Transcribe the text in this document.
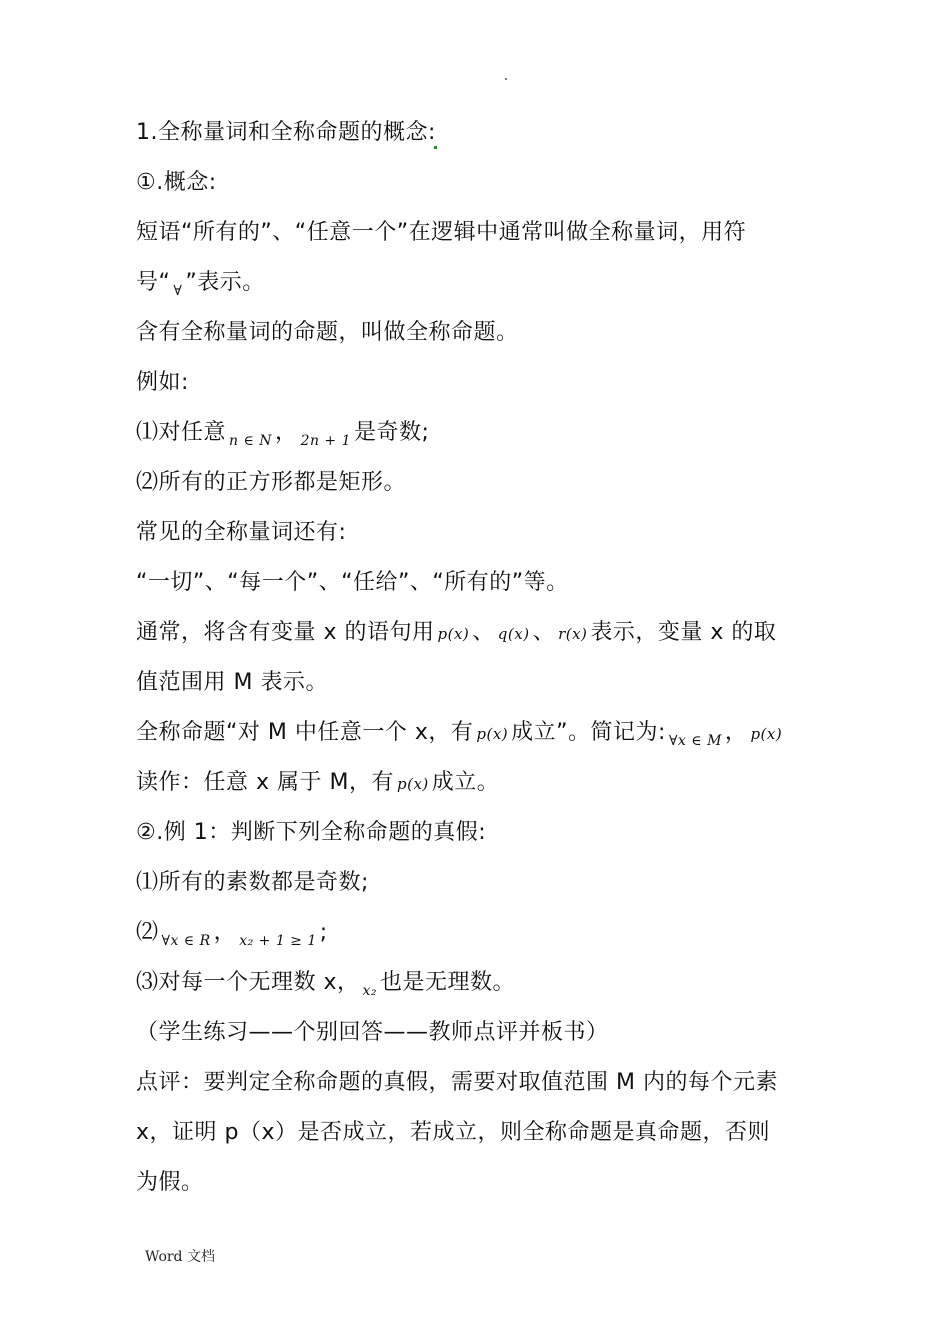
1.全称量词和全称命题的概念:
①.概念:
短语“所有的”、“任意一个”在逻辑中通常叫做全称量词，用符
号“ $_\forall$ ”表示。
含有全称量词的命题，叫做全称命题。
例如:
⑴对任意 $_{n \in N}$ ， $_{2n + 1}$ 是奇数;
⑵所有的正方形都是矩形。
常见的全称量词还有:
“一切”、“每一个”、“任给”、“所有的”等。
通常，将含有变量 x 的语句用 p(x) 、 q(x) 、 r(x) 表示，变量 x 的取
值范围用 M 表示。
全称命题“对 M 中任意一个 x，有 p(x) 成立”。简记为: $_{\forall x \in M}$ ， p(x)
读作：任意 x 属于 M，有 p(x) 成立。
②.例 1：判断下列全称命题的真假:
⑴所有的素数都是奇数;
⑵ $_{\forall x \in R}$ ， $_{x_2 + 1 \ge 1}$ ;
⑶对每一个无理数 x， $_{x_2}$ 也是无理数。
（学生练习——个别回答——教师点评并板书）
点评：要判定全称命题的真假，需要对取值范围 M 内的每个元素
x，证明 p（x）是否成立，若成立，则全称命题是真命题，否则
为假。
Word 文档
